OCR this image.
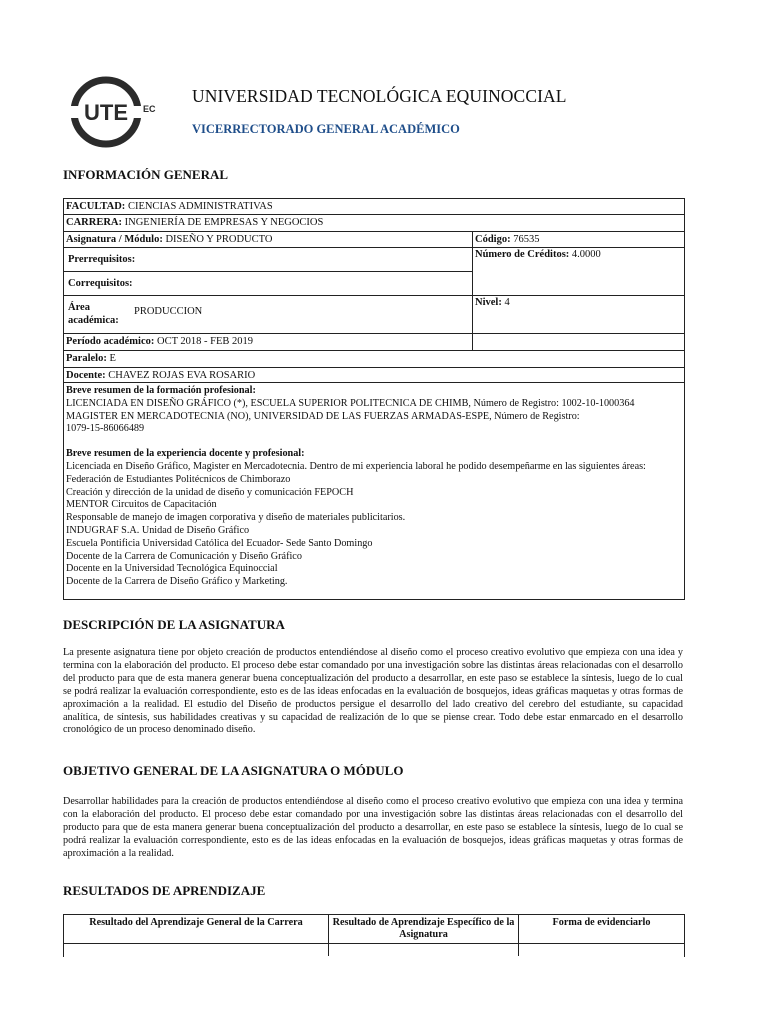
UTE EC
UNIVERSIDAD TECNOLÓGICA EQUINOCCIAL
VICERRECTORADO GENERAL ACADÉMICO
INFORMACIÓN GENERAL
FACULTAD: CIENCIAS ADMINISTRATIVAS
CARRERA: INGENIERÍA DE EMPRESAS Y NEGOCIOS
Asignatura / Módulo: DISEÑO Y PRODUCTO	Código: 76535
Prerrequisitos:
Correquisitos:
Área académica:
PRODUCCION
Número de Créditos: 4.0000
Nivel: 4
Período académico: OCT 2018 - FEB 2019
Paralelo: E
Docente: CHAVEZ ROJAS EVA ROSARIO
Breve resumen de la formación profesional:
LICENCIADA EN DISEÑO GRÁFICO (*), ESCUELA SUPERIOR POLITECNICA DE CHIMB, Número de Registro: 1002-10-1000364
MAGISTER EN MERCADOTECNIA (NO), UNIVERSIDAD DE LAS FUERZAS ARMADAS-ESPE, Número de Registro:
1079-15-86066489
Breve resumen de la experiencia docente y profesional:
Licenciada en Diseño Gráfico, Magister en Mercadotecnia. Dentro de mi experiencia laboral he podido desempeñarme en las siguientes áreas:
Federación de Estudiantes Politécnicos de Chimborazo
Creación y dirección de la unidad de diseño y comunicación FEPOCH
MENTOR Circuitos de Capacitación
Responsable de manejo de imagen corporativa y diseño de materiales publicitarios.
INDUGRAF S.A. Unidad de Diseño Gráfico
Escuela Pontificia Universidad Católica del Ecuador- Sede Santo Domingo
Docente de la Carrera de Comunicación y Diseño Gráfico
Docente en la Universidad Tecnológica Equinoccial
Docente de la Carrera de Diseño Gráfico y Marketing.
DESCRIPCIÓN DE LA ASIGNATURA
La presente asignatura tiene por objeto creación de productos entendiéndose al diseño como el proceso creativo evolutivo que empieza con una idea y termina con la elaboración del producto. El proceso debe estar comandado por una investigación sobre las distintas áreas relacionadas con el desarrollo del producto para que de esta manera generar buena conceptualización del producto a desarrollar, en este paso se establece la síntesis, luego de lo cual se podrá realizar la evaluación correspondiente, esto es de las ideas enfocadas en la evaluación de bosquejos, ideas gráficas maquetas y otras formas de aproximación a la realidad. El estudio del Diseño de productos persigue el desarrollo del lado creativo del cerebro del estudiante, su capacidad analítica, de síntesis, sus habilidades creativas y su capacidad de realización de lo que se piense crear. Todo debe estar enmarcado en el desarrollo cronológico de un proceso denominado diseño.
OBJETIVO GENERAL DE LA ASIGNATURA O MÓDULO
Desarrollar habilidades para la creación de productos entendiéndose al diseño como el proceso creativo evolutivo que empieza con una idea y termina con la elaboración del producto. El proceso debe estar comandado por una investigación sobre las distintas áreas relacionadas con el desarrollo del producto para que de esta manera generar buena conceptualización del producto a desarrollar, en este paso se establece la síntesis, luego de lo cual se podrá realizar la evaluación correspondiente, esto es de las ideas enfocadas en la evaluación de bosquejos, ideas gráficas maquetas y otras formas de aproximación a la realidad.
RESULTADOS DE APRENDIZAJE
Resultado del Aprendizaje General de la Carrera	Resultado de Aprendizaje Específico de la Asignatura
Forma de evidenciarlo
